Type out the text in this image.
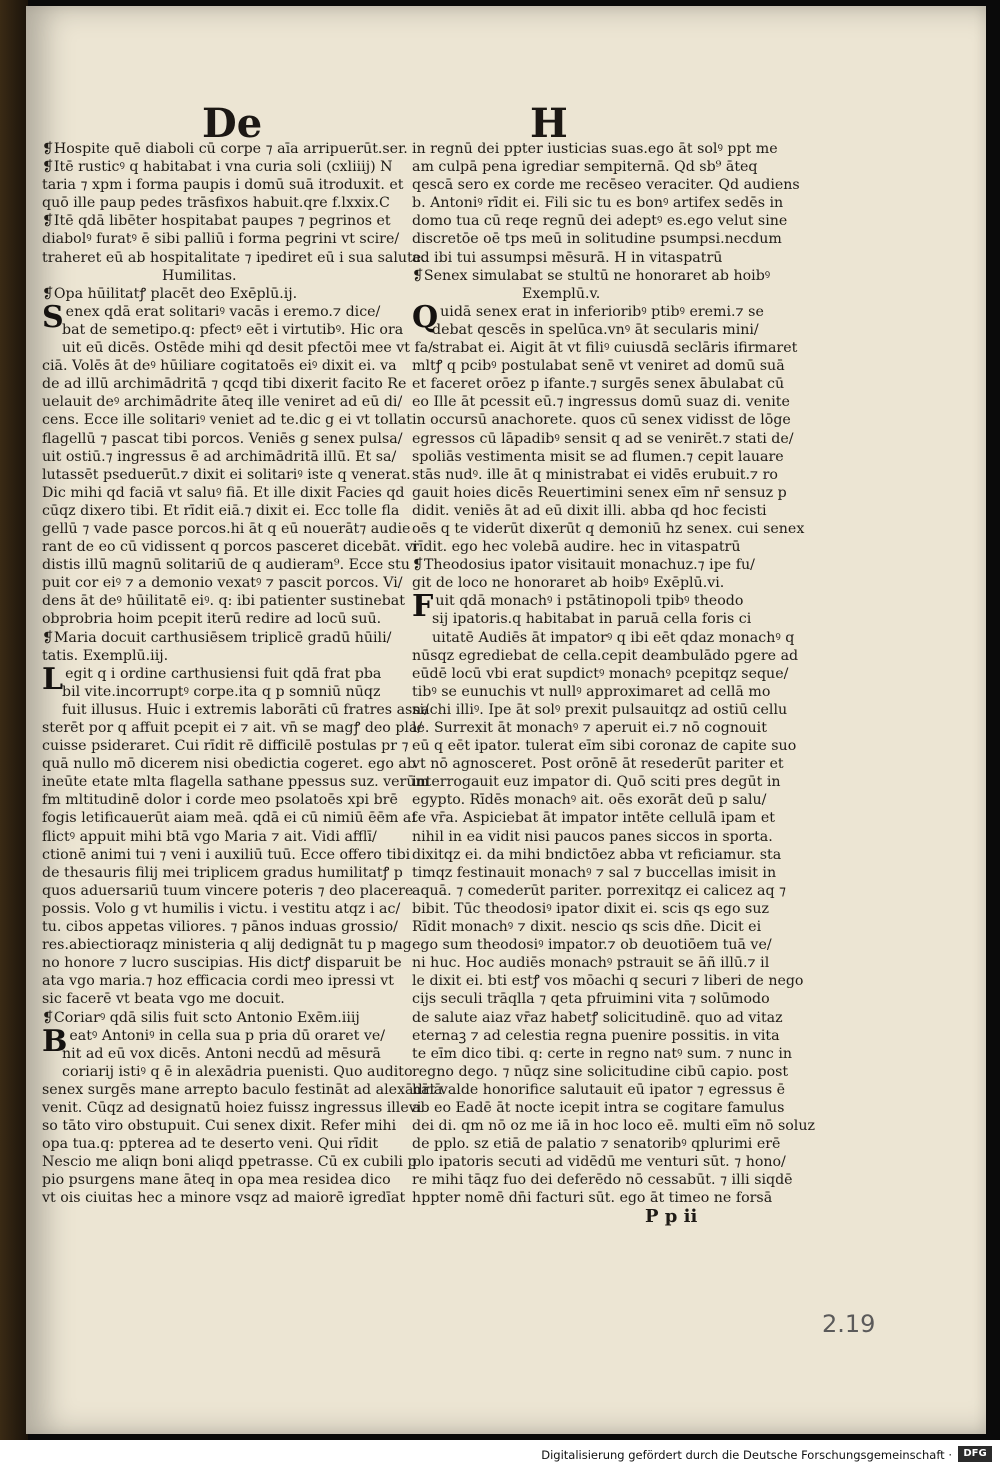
De	H
❡Hospite quē diaboli cū corpe ⁊ aīa arripuerūt.ser.
❡Itē rusticꝰ q habitabat i vna curia soli (cxliiij) N
taria ⁊ xpm i forma paupis i domū suā itroduxit. et
quō ille paup pedes trāsfixos habuit.qre f.lxxix.C
❡Itē qdā libēter hospitabat paupes ⁊ pegrinos et
diabolꝰ furatꝰ ē sibi palliū i forma pegrini vt scire/
traheret eū ab hospitalitate ⁊ ipediret eū i sua salute.
Humilitas.
❡Opa hūilitatꝭ placēt deo Exēplū.ij.
Senex qdā erat solitariꝰ vacās i eremo.⁊ dice/
bat de semetipo.q: pfectꝰ eēt i virtutibꝰ. Hic ora
uit eū dicēs. Ostēde mihi qd desit pfectōi mee vt fa/
ciā. Volēs āt deꝰ hūiliare cogitatoēs eiꝰ dixit ei. va
de ad illū archimādritā ⁊ qcqd tibi dixerit facito Re
uelauit deꝰ archimādrite āteq ille veniret ad eū di/
cens. Ecce ille solitariꝰ veniet ad te.dic g ei vt tollat
flagellū ⁊ pascat tibi porcos. Veniēs g senex pulsa/
uit ostiū.⁊ ingressus ē ad archimādritā illū. Et sa/
lutassēt pseduerūt.⁊ dixit ei solitariꝰ iste q venerat.
Dic mihi qd faciā vt saluꝰ fiā. Et ille dixit Facies qd
cūqz dixero tibi. Et rīdit eiā.⁊ dixit ei. Ecc tolle fla
gellū ⁊ vade pasce porcos.hi āt q eū nouerāt⁊ audie
rant de eo cū vidissent q porcos pasceret dicebāt. vi
distis illū magnū solitariū de q audieram⁹. Ecce stu
puit cor eiꝰ ⁊ a demonio vexatꝰ ⁊ pascit porcos. Vi/
dens āt deꝰ hūilitatē eiꝰ. q: ibi patienter sustinebat
obprobria hoim pcepit iterū redire ad locū suū.
❡Maria docuit carthusiēsem triplicē gradū hūili/
tatis. Exemplū.iij.
Legit q i ordine carthusiensi fuit qdā frat pba
bil vite.incorruptꝰ corpe.ita q p somniū nūqz
fuit illusus. Huic i extremis laborāti cū fratres assi/
sterēt por q affuit pcepit ei ⁊ ait. vn̄ se magꝭ deo pla/
cuisse psideraret. Cui rīdit rē difficilē postulas pr ⁊
quā nullo mō dicerem nisi obedictia cogeret. ego ab
ineūte etate mlta flagella sathane ppessus suz. verūm
fm mltitudinē dolor i corde meo psolatoēs xpi brē
fogis letificauerūt aiam meā. qdā ei cū nimiū ēēm af
flictꝰ appuit mihi btā vgo Maria ⁊ ait. Vidi afflī/
ctionē animi tui ⁊ veni i auxiliū tuū. Ecce offero tibi
de thesauris filij mei triplicem gradus humilitatꝭ p
quos aduersariū tuum vincere poteris ⁊ deo placere
possis. Volo g vt humilis i victu. i vestitu atqz i ac/
tu. cibos appetas viliores. ⁊ pānos induas grossio/
res.abiectioraqz ministeria q alij dedignāt tu p mag
no honore ⁊ lucro suscipias. His dictꝭ disparuit be
ata vgo maria.⁊ hoz efficacia cordi meo ipressi vt
sic facerē vt beata vgo me docuit.
❡Coriarꝰ qdā silis fuit scto Antonio Exēm.iiij
Beatꝰ Antoniꝰ in cella sua p pria dū oraret ve/
nit ad eū vox dicēs. Antoni necdū ad mēsurā
coriarij istiꝰ q ē in alexādria puenisti. Quo audito
senex surgēs mane arrepto baculo festināt ad alexādriā
venit. Cūqz ad designatū hoiez fuissz ingressus illevi
so tāto viro obstupuit. Cui senex dixit. Refer mihi
opa tua.q: ppterea ad te deserto veni. Qui rīdit
Nescio me aliqn boni aliqd ppetrasse. Cū ex cubili p
pio psurgens mane āteq in opa mea residea dico
vt ois ciuitas hec a minore vsqz ad maiorē igredīat
in regnū dei ppter iusticias suas.ego āt solꝰ ppt me
am culpā pena igrediar sempiternā. Qd sb⁹ āteq
qescā sero ex corde me recēseo veraciter. Qd audiens
b. Antoniꝰ rīdit ei. Fili sic tu es bonꝰ artifex sedēs in
domo tua cū reqe regnū dei adeptꝰ es.ego velut sine
discretōe oē tps meū in solitudine psumpsi.necdum
ad ibi tui assumpsi mēsurā. H in vitaspatrū
❡Senex simulabat se stultū ne honoraret ab hoibꝰ
Exemplū.v.
Quidā senex erat in inferioribꝰ ptibꝰ eremi.⁊ se
debat qescēs in spelūca.vnꝰ āt secularis mini/
strabat ei. Aigit āt vt filiꝰ cuiusdā seclāris ifirmaret
mltꝭ q pcibꝰ postulabat senē vt veniret ad domū suā
et faceret orōez p ifante.⁊ surgēs senex ābulabat cū
eo Ille āt pcessit eū.⁊ ingressus domū suaz di. venite
in occursū anachorete. quos cū senex vidisst de lōge
egressos cū lāpadibꝰ sensit q ad se venirēt.⁊ stati de/
spoliās vestimenta misit se ad flumen.⁊ cepit lauare
stās nudꝰ. ille āt q ministrabat ei vidēs erubuit.⁊ ro
gauit hoies dicēs Reuertimini senex eīm nr̄ sensuz p
didit. veniēs āt ad eū dixit illi. abba qd hoc fecisti
oēs q te viderūt dixerūt q demoniū hz senex. cui senex
rīdit. ego hec volebā audire. hec in vitaspatrū
❡Theodosius ipator visitauit monachuz.⁊ ipe fu/
git de loco ne honoraret ab hoibꝰ Exēplū.vi.
Fuit qdā monachꝰ i pstātinopoli tpibꝰ theodo
sij ipatoris.q habitabat in paruā cella foris ci
uitatē Audiēs āt impatorꝰ q ibi eēt qdaz monachꝰ q
nūsqz egrediebat de cella.cepit deambulādo pgere ad
eūdē locū vbi erat supdictꝰ monachꝰ pcepitqz seque/
tibꝰ se eunuchis vt nullꝰ approximaret ad cellā mo
nachi illiꝰ. Ipe āt solꝰ prexit pulsauitqz ad ostiū cellu
le. Surrexit āt monachꝰ ⁊ aperuit ei.⁊ nō cognouit
eū q eēt ipator. tulerat eīm sibi coronaz de capite suo
vt nō agnosceret. Post orōnē āt resederūt pariter et
interrogauit euz impator di. Quō sciti pres degūt in
egypto. Rīdēs monachꝰ ait. oēs exorāt deū p salu/
te vr̄a. Aspiciebat āt impator intēte cellulā ipam et
nihil in ea vidit nisi paucos panes siccos in sporta.
dixitqz ei. da mihi bndictōez abba vt reficiamur. sta
timqz festinauit monachꝰ ⁊ sal ⁊ buccellas imisit in
aquā. ⁊ comederūt pariter. porrexitqz ei calicez aq ⁊
bibit. Tūc theodosiꝰ ipator dixit ei. scis qs ego suz
Rīdit monachꝰ ⁊ dixit. nescio qs scis dn̄e. Dicit ei
ego sum theodosiꝰ impator.⁊ ob deuotiōem tuā ve/
ni huc. Hoc audiēs monachꝰ pstrauit se āñ illū.⁊ il
le dixit ei. bti estꝭ vos mōachi q securi ⁊ liberi de nego
cijs seculi trāqlla ⁊ qeta pfruimini vita ⁊ solūmodo
de salute aiaz vr̄az habetꝭ solicitudinē. quo ad vitaz
eternaꝫ ⁊ ad celestia regna puenire possitis. in vita
te eīm dico tibi. q: certe in regno natꝰ sum. ⁊ nunc in
regno dego. ⁊ nūqz sine solicitudine cibū capio. post
hāt valde honorifice salutauit eū ipator ⁊ egressus ē
ab eo Eadē āt nocte icepit intra se cogitare famulus
dei di. qm nō oz me iā in hoc loco eē. multi eīm nō soluz
de pplo. sz etiā de palatio ⁊ senatoribꝰ qplurimi erē
plo ipatoris secuti ad vidēdū me venturi sūt. ⁊ hono/
re mihi tāqz fuo dei deferēdo nō cessabūt. ⁊ illi siqdē
hppter nomē dn̄i facturi sūt. ego āt timeo ne forsā
P p ii
2.19
Digitalisierung gefördert durch die Deutsche Forschungsgemeinschaft ·	DFG
